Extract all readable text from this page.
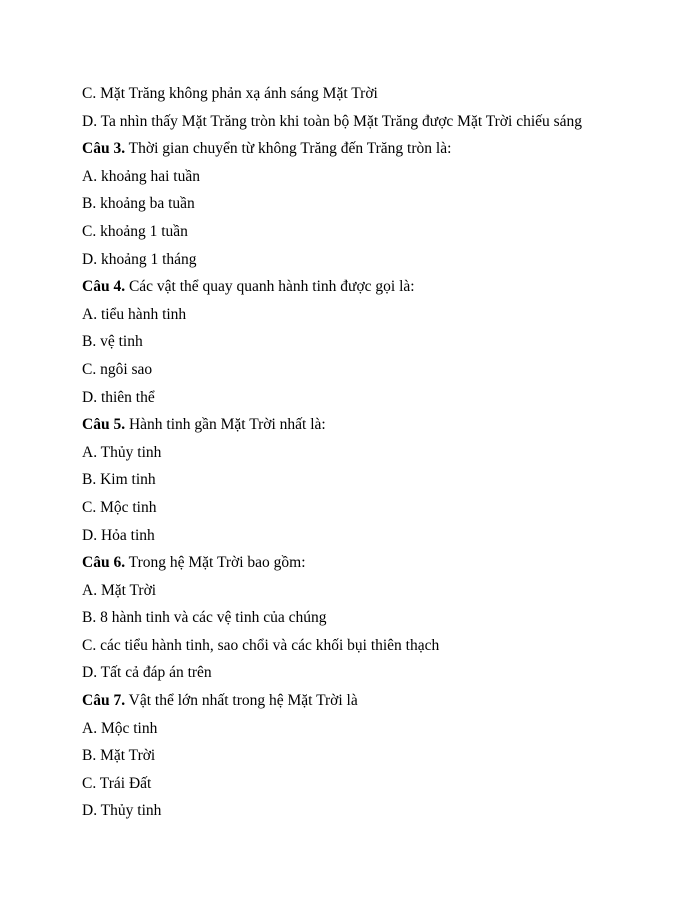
C. Mặt Trăng không phản xạ ánh sáng Mặt Trời
D. Ta nhìn thấy Mặt Trăng tròn khi toàn bộ Mặt Trăng được Mặt Trời chiếu sáng
Câu 3. Thời gian chuyển từ không Trăng đến Trăng tròn là:
A. khoảng hai tuần
B. khoảng ba tuần
C. khoảng 1 tuần
D. khoảng 1 tháng
Câu 4. Các vật thể quay quanh hành tinh được gọi là:
A. tiểu hành tinh
B. vệ tinh
C. ngôi sao
D. thiên thể
Câu 5. Hành tinh gần Mặt Trời nhất là:
A. Thủy tinh
B. Kim tinh
C. Mộc tinh
D. Hỏa tinh
Câu 6. Trong hệ Mặt Trời bao gồm:
A. Mặt Trời
B. 8 hành tinh và các vệ tinh của chúng
C. các tiểu hành tinh, sao chổi và các khối bụi thiên thạch
D. Tất cả đáp án trên
Câu 7. Vật thể lớn nhất trong hệ Mặt Trời là
A. Mộc tinh
B. Mặt Trời
C. Trái Đất
D. Thủy tinh
